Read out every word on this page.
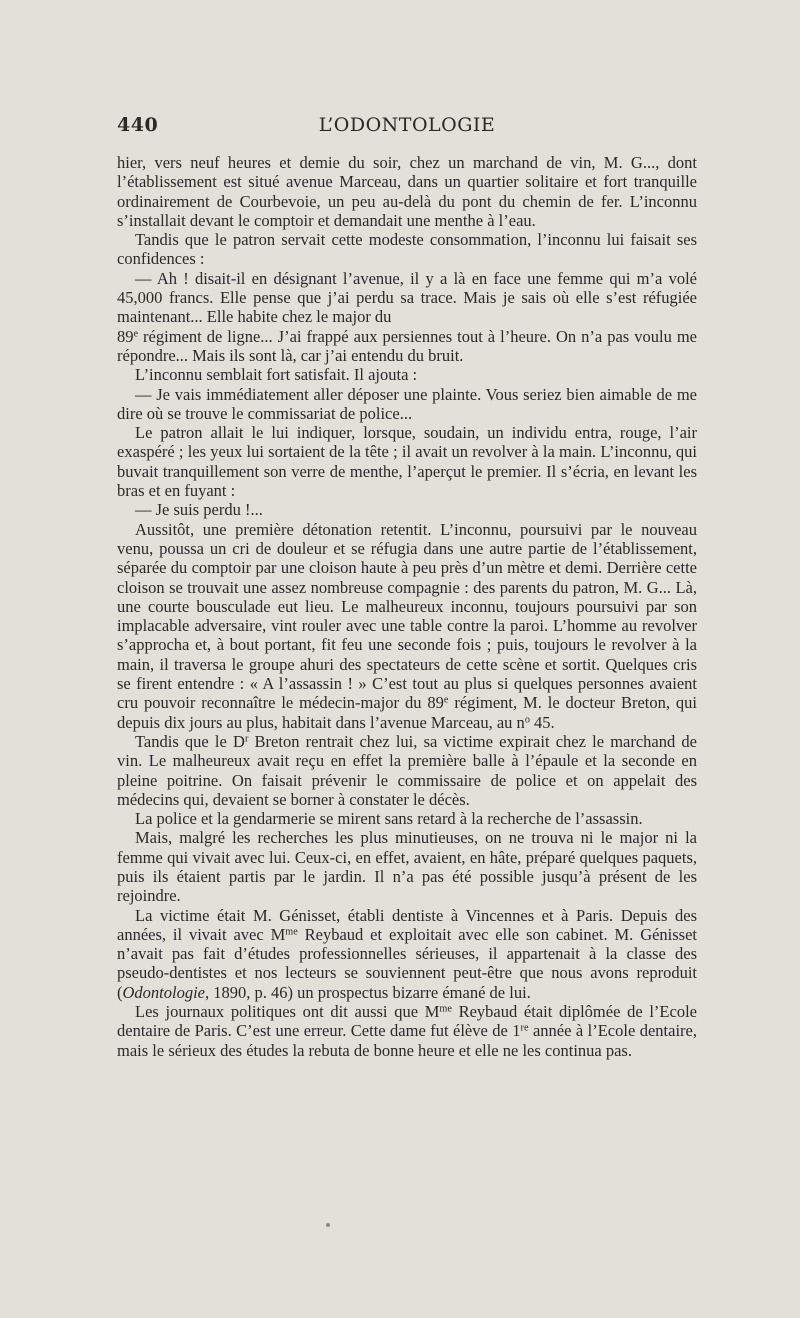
440	L’ODONTOLOGIE

hier, vers neuf heures et demie du soir, chez un marchand de vin, M. G..., dont l’établissement est situé avenue Marceau, dans un quartier solitaire et fort tranquille ordinairement de Courbevoie, un peu au-delà du pont du chemin de fer. L’inconnu s’installait devant le comptoir et demandait une menthe à l’eau.

Tandis que le patron servait cette modeste consommation, l’inconnu lui faisait ses confidences :

— Ah ! disait-il en désignant l’avenue, il y a là en face une femme qui m’a volé 45,000 francs. Elle pense que j’ai perdu sa trace. Mais je sais où elle s’est réfugiée maintenant... Elle habite chez le major du

89e régiment de ligne... J’ai frappé aux persiennes tout à l’heure. On n’a pas voulu me répondre... Mais ils sont là, car j’ai entendu du bruit.

L’inconnu semblait fort satisfait. Il ajouta :

— Je vais immédiatement aller déposer une plainte. Vous seriez bien aimable de me dire où se trouve le commissariat de police...

Le patron allait le lui indiquer, lorsque, soudain, un individu entra, rouge, l’air exaspéré ; les yeux lui sortaient de la tête ; il avait un revolver à la main. L’inconnu, qui buvait tranquillement son verre de menthe, l’aperçut le premier. Il s’écria, en levant les bras et en fuyant :

— Je suis perdu !...

Aussitôt, une première détonation retentit. L’inconnu, poursuivi par le nouveau venu, poussa un cri de douleur et se réfugia dans une autre partie de l’établissement, séparée du comptoir par une cloison haute à peu près d’un mètre et demi. Derrière cette cloison se trouvait une assez nombreuse compagnie : des parents du patron, M. G... Là, une courte bousculade eut lieu. Le malheureux inconnu, toujours poursuivi par son implacable adversaire, vint rouler avec une table contre la paroi. L’homme au revolver s’approcha et, à bout portant, fit feu une seconde fois ; puis, toujours le revolver à la main, il traversa le groupe ahuri des spectateurs de cette scène et sortit. Quelques cris se firent entendre : « A l’assassin ! » C’est tout au plus si quelques personnes avaient cru pouvoir reconnaître le médecin-major du 89e régiment, M. le docteur Breton, qui depuis dix jours au plus, habitait dans l’avenue Marceau, au $n^o$ 45.

Tandis que le $D^r$ Breton rentrait chez lui, sa victime expirait chez le marchand de vin. Le malheureux avait reçu en effet la première balle à l’épaule et la seconde en pleine poitrine. On faisait prévenir le commissaire de police et on appelait des médecins qui, devaient se borner à constater le décès.

La police et la gendarmerie se mirent sans retard à la recherche de l’assassin.

Mais, malgré les recherches les plus minutieuses, on ne trouva ni le major ni la femme qui vivait avec lui. Ceux-ci, en effet, avaient, en hâte, préparé quelques paquets, puis ils étaient partis par le jardin. Il n’a pas été possible jusqu’à présent de les rejoindre.

La victime était M. Génisset, établi dentiste à Vincennes et à Paris. Depuis des années, il vivait avec $M^{me}$ Reybaud et exploitait avec elle son cabinet. M. Génisset n’avait pas fait d’études professionnelles sérieuses, il appartenait à la classe des pseudo-dentistes et nos lecteurs se souviennent peut-être que nous avons reproduit (Odontologie, 1890, p. 46) un prospectus bizarre émané de lui.

Les journaux politiques ont dit aussi que $M^{me}$ Reybaud était diplômée de l’Ecole dentaire de Paris. C’est une erreur. Cette dame fut élève de 1re année à l’Ecole dentaire, mais le sérieux des études la rebuta de bonne heure et elle ne les continua pas.
